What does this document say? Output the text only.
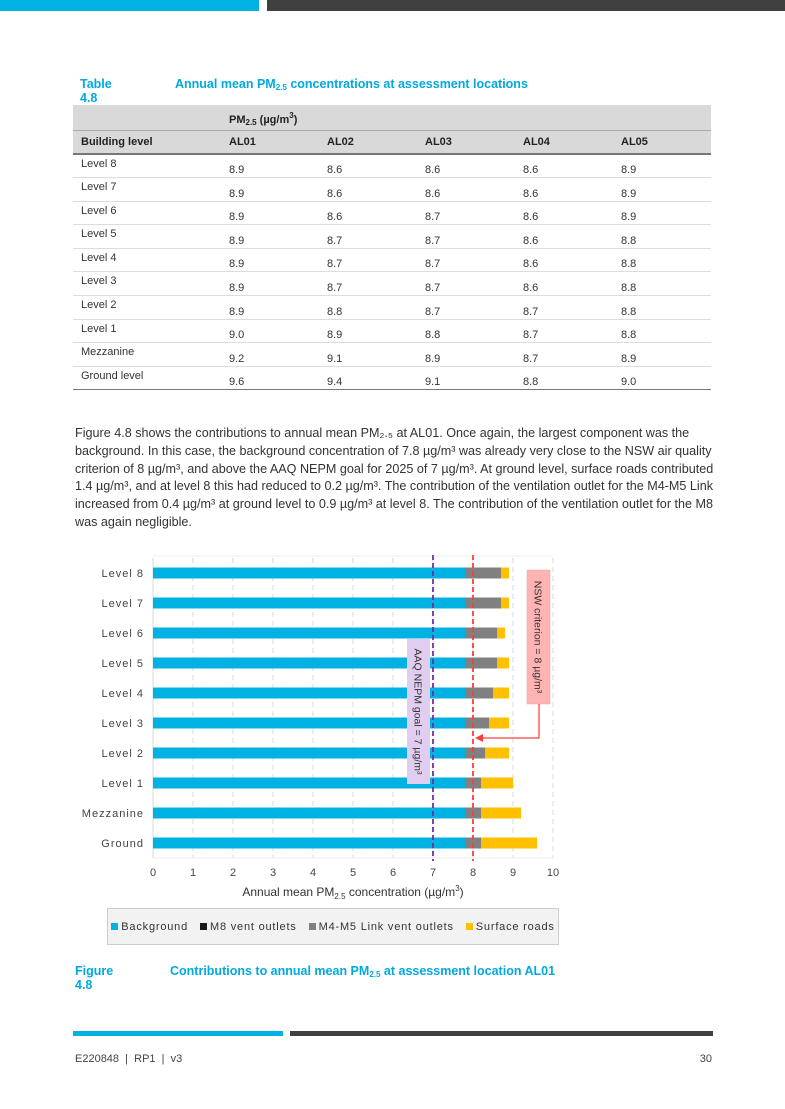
Table 4.8
Annual mean $PM_{2.5}$ concentrations at assessment locations
	$PM_{2.5}$ $(\mu g/m^3)$				
Building level	AL01	AL02	AL03	AL04	AL05
Level 8	8.9	8.6	8.6	8.6	8.9
Level 7	8.9	8.6	8.6	8.6	8.9
Level 6	8.9	8.6	8.7	8.6	8.9
Level 5	8.9	8.7	8.7	8.6	8.8
Level 4	8.9	8.7	8.7	8.6	8.8
Level 3	8.9	8.7	8.7	8.6	8.8
Level 2	8.9	8.8	8.7	8.7	8.8
Level 1	9.0	8.9	8.8	8.7	8.8
Mezzanine	9.2	9.1	8.9	8.7	8.9
Ground level	9.6	9.4	9.1	8.8	9.0
Figure 4.8 shows the contributions to annual mean PM₂.₅ at AL01. Once again, the largest component was the background. In this case, the background concentration of 7.8 µg/m³ was already very close to the NSW air quality criterion of 8 µg/m³, and above the AAQ NEPM goal for 2025 of 7 µg/m³. At ground level, surface roads contributed 1.4 µg/m³, and at level 8 this had reduced to 0.2 µg/m³. The contribution of the ventilation outlet for the M4-M5 Link increased from 0.4 µg/m³ at ground level to 0.9 µg/m³ at level 8. The contribution of the ventilation outlet for the M8 was again negligible.
Level 8
Level 7
Level 6
Level 5
Level 4
Level 3
Level 2
Level 1
Mezzanine
Ground
0	1	2	3	4	5	6	7	8	9	10
Annual mean $PM_{2.5}$ concentration $(\mu g/m^3)$
AAQ NEPM goal = 7 µg/m³
NSW criterion = 8 µg/m³
Background M8 vent outlets M4-M5 Link vent outlets Surface roads
Figure 4.8
Contributions to annual mean $PM_{2.5}$ at assessment location AL01
E220848  |  RP1  |  v3	30
